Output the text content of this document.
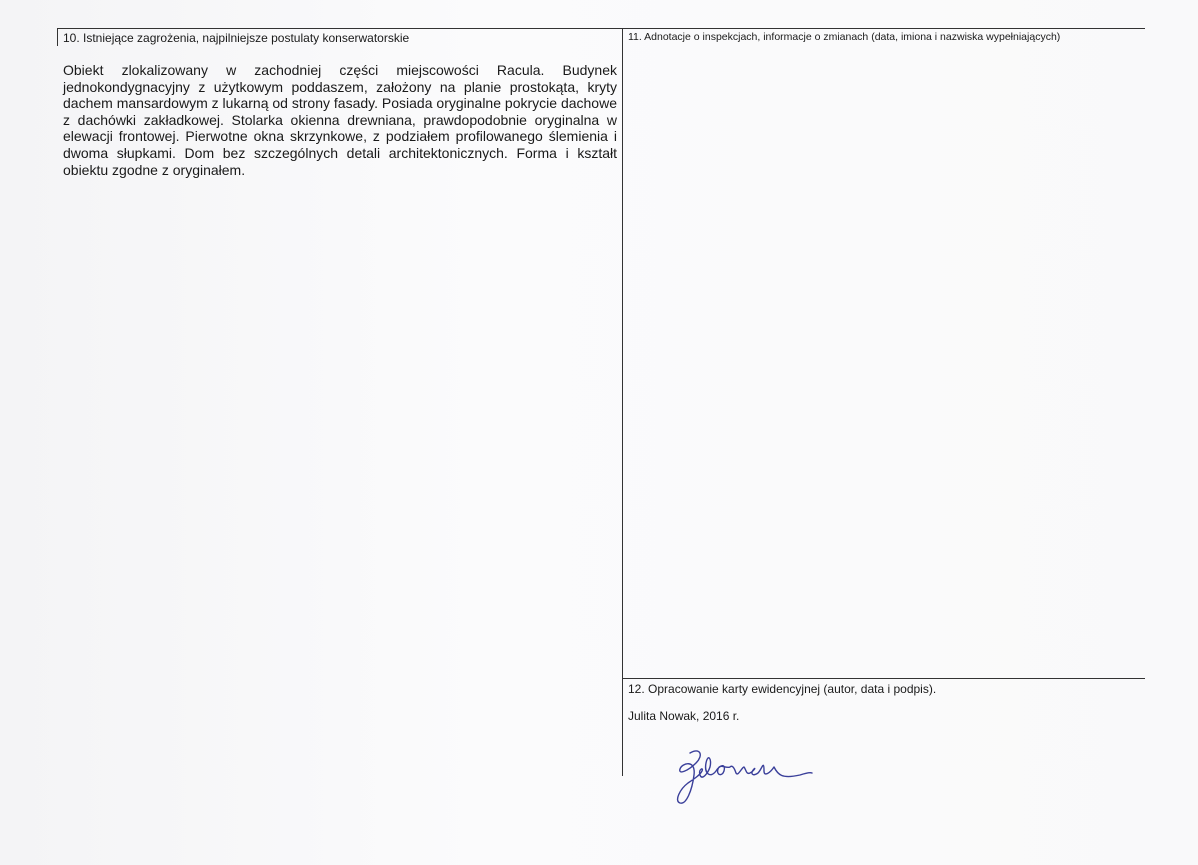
10. Istniejące zagrożenia, najpilniejsze postulaty konserwatorskie
Obiekt zlokalizowany w zachodniej części miejscowości Racula. Budynek jednokondygnacyjny z użytkowym poddaszem, założony na planie prostokąta, kryty dachem mansardowym z lukarną od strony fasady. Posiada oryginalne pokrycie dachowe z dachówki zakładkowej. Stolarka okienna drewniana, prawdopodobnie oryginalna w elewacji frontowej. Pierwotne okna skrzynkowe, z podziałem profilowanego ślemienia i dwoma słupkami. Dom bez szczególnych detali architektonicznych. Forma i kształt obiektu zgodne z oryginałem.
11. Adnotacje o inspekcjach, informacje o zmianach (data, imiona i nazwiska wypełniających)
12. Opracowanie karty ewidencyjnej (autor, data i podpis).
Julita Nowak, 2016 r.
